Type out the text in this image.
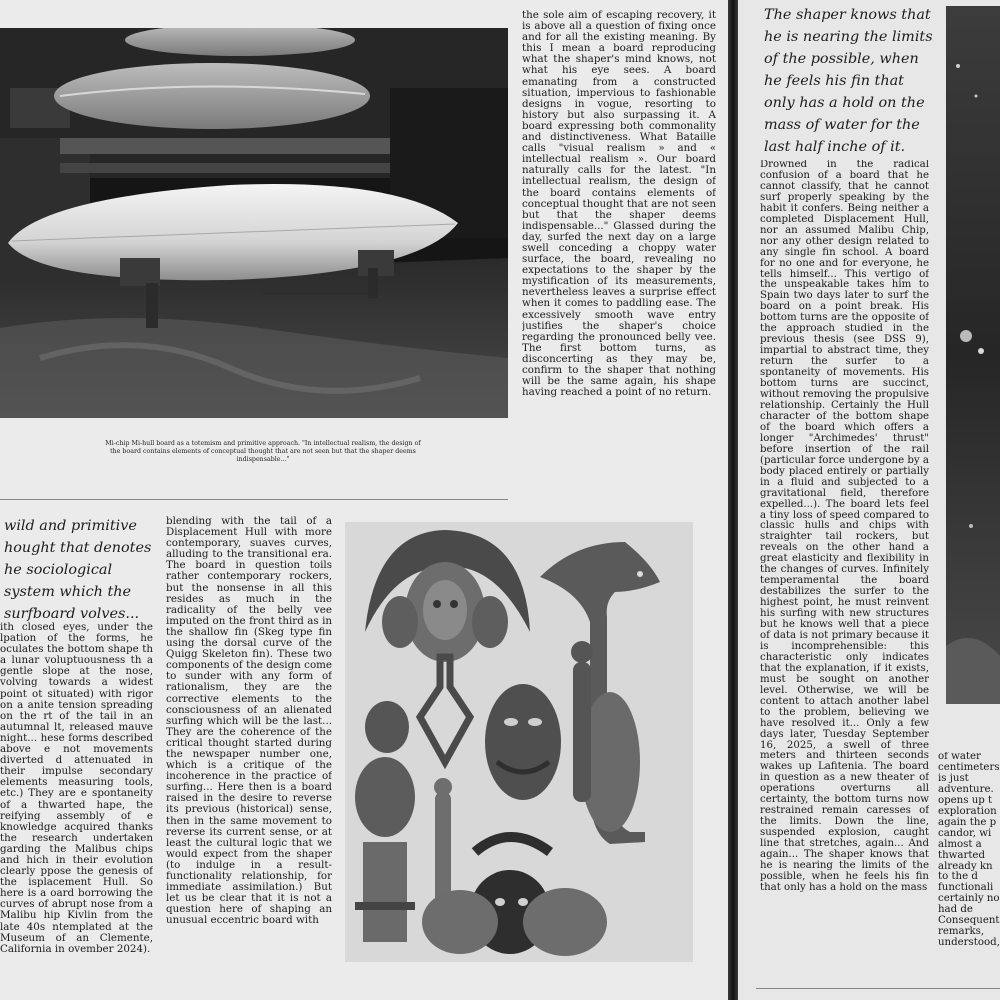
Mi-chip Mi-hull board as a totemism and primitive approach. "In intellectual realism, the design of the board contains elements of conceptual thought that are not seen but that the shaper deems indispensable..."

the sole aim of escaping recovery, it is above all a question of fixing once and for all the existing meaning. By this I mean a board reproducing what the shaper's mind knows, not what his eye sees. A board emanating from a constructed situation, impervious to fashionable designs in vogue, resorting to history but also surpassing it. A board expressing both commonality and distinctiveness. What Bataille calls "visual realism » and « intellectual realism ». Our board naturally calls for the latest. "In intellectual realism, the design of the board contains elements of conceptual thought that are not seen but that the shaper deems indispensable..." Glassed during the day, surfed the next day on a large swell conceding a choppy water surface, the board, revealing no expectations to the shaper by the mystification of its measurements, nevertheless leaves a surprise effect when it comes to paddling ease. The excessively smooth wave entry justifies the shaper's choice regarding the pronounced belly vee. The first bottom turns, as disconcerting as they may be, confirm to the shaper that nothing will be the same again, his shape having reached a point of no return.

wild and primitive hought that denotes he sociological system which the surfboard volves...

ith closed eyes, under the lpation of the forms, he oculates the bottom shape th a lunar voluptuousness th a gentle slope at the nose, volving towards a widest point ot situated) with rigor on a anite tension spreading on the rt of the tail in an autumnal lt, released mauve night... hese forms described above e not movements diverted d attenuated in their impulse secondary elements measuring tools, etc.) They are e spontaneity of a thwarted hape, the reifying assembly of e knowledge acquired thanks the research undertaken garding the Malibus chips and hich in their evolution clearly ppose the genesis of the isplacement Hull. So here is a oard borrowing the curves of abrupt nose from a Malibu hip Kivlin from the late 40s ntemplated at the Museum of an Clemente, California in ovember 2024).

blending with the tail of a Displacement Hull with more contemporary, suaves curves, alluding to the transitional era. The board in question toils rather contemporary rockers, but the nonsense in all this resides as much in the radicality of the belly vee imputed on the front third as in the shallow fin (Skeg type fin using the dorsal curve of the Quigg Skeleton fin). These two components of the design come to sunder with any form of rationalism, they are the corrective elements to the consciousness of an alienated surfing which will be the last... They are the coherence of the critical thought started during the newspaper number one, which is a critique of the incoherence in the practice of surfing... Here then is a board raised in the desire to reverse its previous (historical) sense, then in the same movement to reverse its current sense, or at least the cultural logic that we would expect from the shaper (to indulge in a result-functionality relationship, for immediate assimilation.) But let us be clear that it is not a question here of shaping an unusual eccentric board with

The shaper knows that he is nearing the limits of the possible, when he feels his fin that only has a hold on the mass of water for the last half inche of it.

Drowned in the radical confusion of a board that he cannot classify, that he cannot surf properly speaking by the habit it confers. Being neither a completed Displacement Hull, nor an assumed Malibu Chip, nor any other design related to any single fin school. A board for no one and for everyone, he tells himself... This vertigo of the unspeakable takes him to Spain two days later to surf the board on a point break. His bottom turns are the opposite of the approach studied in the previous thesis (see DSS 9), impartial to abstract time, they return the surfer to a spontaneity of movements. His bottom turns are succinct, without removing the propulsive relationship. Certainly the Hull character of the bottom shape of the board which offers a longer "Archimedes' thrust" before insertion of the rail (particular force undergone by a body placed entirely or partially in a fluid and subjected to a gravitational field, therefore expelled...). The board lets feel a tiny loss of speed compared to classic hulls and chips with straighter tail rockers, but reveals on the other hand a great elasticity and flexibility in the changes of curves. Infinitely temperamental the board destabilizes the surfer to the highest point, he must reinvent his surfing with new structures but he knows well that a piece of data is not primary because it is incomprehensible: this characteristic only indicates that the explanation, if it exists, must be sought on another level. Otherwise, we will be content to attach another label to the problem, believing we have resolved it... Only a few days later, Tuesday September 16, 2025, a swell of three meters and thirteen seconds wakes up Lafitenia. The board in question as a new theater of operations overturns all certainty, the bottom turns now restrained remain caresses of the limits. Down the line, suspended explosion, caught line that stretches, again... And again... The shaper knows that he is nearing the limits of the possible, when he feels his fin that only has a hold on the mass

of water centimeters is just adventure. opens up t exploration again the p candor, wi almost a thwarted already kn to the d functionali certainly no had de Consequent remarks, understood,
